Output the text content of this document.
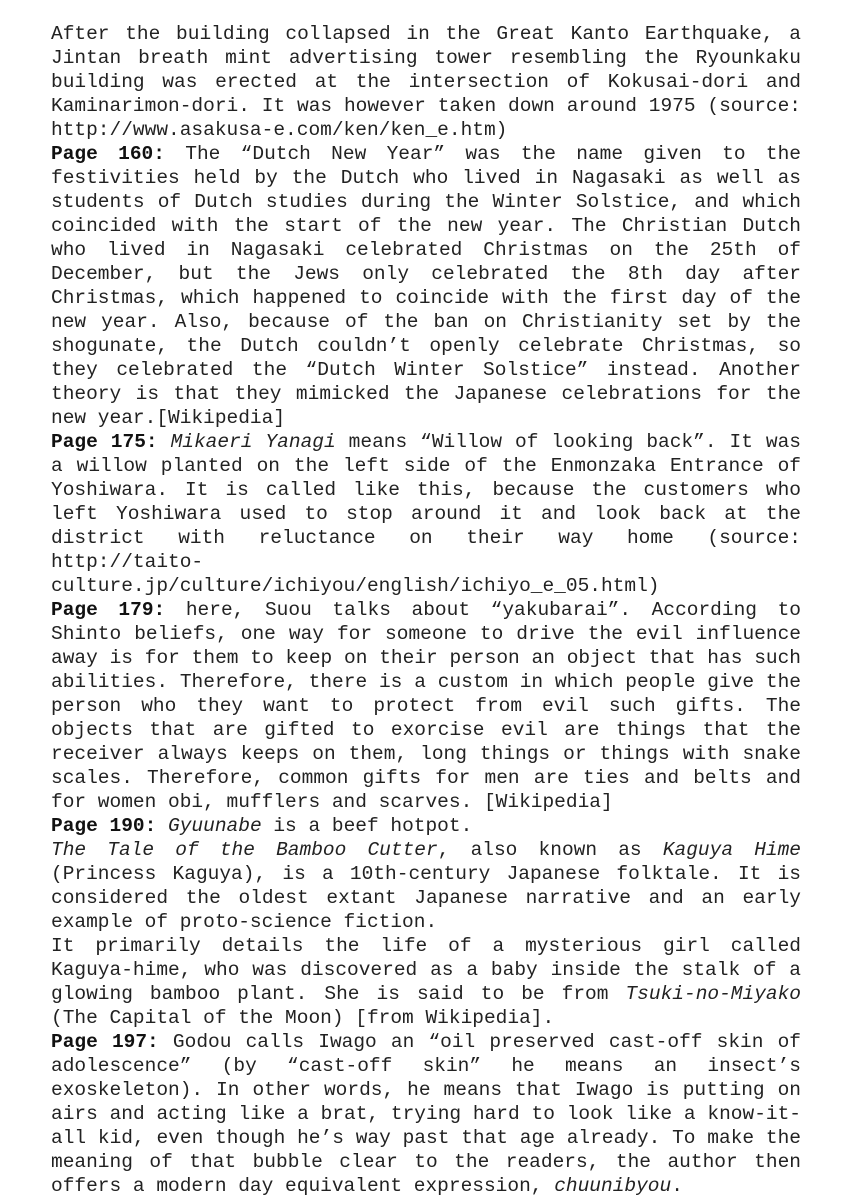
After the building collapsed in the Great Kanto Earthquake, a Jintan breath mint advertising tower resembling the Ryounkaku building was erected at the intersection of Kokusai-dori and Kaminarimon-dori. It was however taken down around 1975 (source: http://www.asakusa-e.com/ken/ken_e.htm)

Page 160: The “Dutch New Year” was the name given to the festivities held by the Dutch who lived in Nagasaki as well as students of Dutch studies during the Winter Solstice, and which coincided with the start of the new year. The Christian Dutch who lived in Nagasaki celebrated Christmas on the 25th of December, but the Jews only celebrated the 8th day after Christmas, which happened to coincide with the first day of the new year. Also, because of the ban on Christianity set by the shogunate, the Dutch couldn’t openly celebrate Christmas, so they celebrated the “Dutch Winter Solstice” instead. Another theory is that they mimicked the Japanese celebrations for the new year.[Wikipedia]

Page 175: Mikaeri Yanagi means “Willow of looking back”. It was a willow planted on the left side of the Enmonzaka Entrance of Yoshiwara. It is called like this, because the customers who left Yoshiwara used to stop around it and look back at the district with reluctance on their way home (source: http://taito-culture.jp/culture/ichiyou/english/ichiyo_e_05.html)

Page 179: here, Suou talks about “yakubarai”. According to Shinto beliefs, one way for someone to drive the evil influence away is for them to keep on their person an object that has such abilities. Therefore, there is a custom in which people give the person who they want to protect from evil such gifts. The objects that are gifted to exorcise evil are things that the receiver always keeps on them, long things or things with snake scales. Therefore, common gifts for men are ties and belts and for women obi, mufflers and scarves. [Wikipedia]

Page 190: Gyuunabe is a beef hotpot.

The Tale of the Bamboo Cutter, also known as Kaguya Hime (Princess Kaguya), is a 10th-century Japanese folktale. It is considered the oldest extant Japanese narrative and an early example of proto-science fiction.

It primarily details the life of a mysterious girl called Kaguya-hime, who was discovered as a baby inside the stalk of a glowing bamboo plant. She is said to be from Tsuki-no-Miyako (The Capital of the Moon) [from Wikipedia].

Page 197: Godou calls Iwago an “oil preserved cast-off skin of adolescence” (by “cast-off skin” he means an insect’s exoskeleton). In other words, he means that Iwago is putting on airs and acting like a brat, trying hard to look like a know-it-all kid, even though he’s way past that age already. To make the meaning of that bubble clear to the readers, the author then offers a modern day equivalent expression, chuunibyou.
